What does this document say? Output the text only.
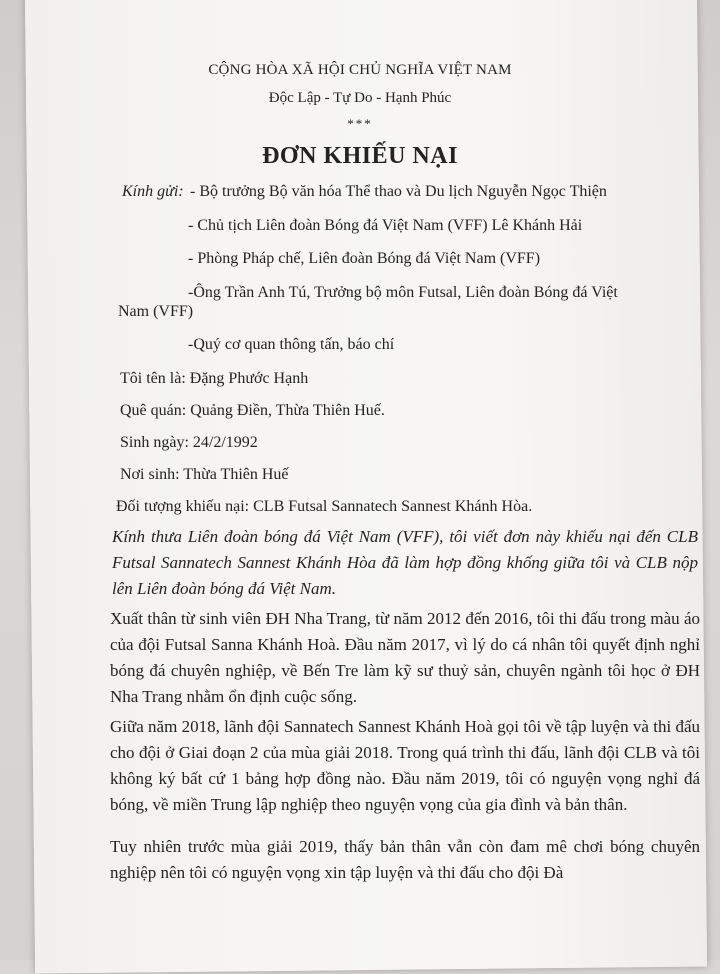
CỘNG HÒA XÃ HỘI CHỦ NGHĨA VIỆT NAM
Độc Lập - Tự Do - Hạnh Phúc
***
ĐƠN KHIẾU NẠI
Kính gửi: - Bộ trưởng Bộ văn hóa Thể thao và Du lịch Nguyễn Ngọc Thiện
- Chủ tịch Liên đoàn Bóng đá Việt Nam (VFF) Lê Khánh Hải
- Phòng Pháp chế, Liên đoàn Bóng đá Việt Nam (VFF)
-Ông Trần Anh Tú, Trưởng bộ môn Futsal, Liên đoàn Bóng đá Việt
Nam (VFF)
-Quý cơ quan thông tấn, báo chí
Tôi tên là: Đặng Phước Hạnh
Quê quán: Quảng Điền, Thừa Thiên Huế.
Sinh ngày: 24/2/1992
Nơi sinh: Thừa Thiên Huế
Đối tượng khiếu nại: CLB Futsal Sannatech Sannest Khánh Hòa.
Kính thưa Liên đoàn bóng đá Việt Nam (VFF), tôi viết đơn này khiếu nại đến CLB Futsal Sannatech Sannest Khánh Hòa đã làm hợp đồng khống giữa tôi và CLB nộp lên Liên đoàn bóng đá Việt Nam.
Xuất thân từ sinh viên ĐH Nha Trang, từ năm 2012 đến 2016, tôi thi đấu trong màu áo của đội Futsal Sanna Khánh Hoà. Đầu năm 2017, vì lý do cá nhân tôi quyết định nghỉ bóng đá chuyên nghiệp, về Bến Tre làm kỹ sư thuỷ sản, chuyên ngành tôi học ở ĐH Nha Trang nhằm ổn định cuộc sống.
Giữa năm 2018, lãnh đội Sannatech Sannest Khánh Hoà gọi tôi về tập luyện và thi đấu cho đội ở Giai đoạn 2 của mùa giải 2018. Trong quá trình thi đấu, lãnh đội CLB và tôi không ký bất cứ 1 bảng hợp đồng nào. Đầu năm 2019, tôi có nguyện vọng nghỉ đá bóng, về miền Trung lập nghiệp theo nguyện vọng của gia đình và bản thân.
Tuy nhiên trước mùa giải 2019, thấy bản thân vẫn còn đam mê chơi bóng chuyên nghiệp nên tôi có nguyện vọng xin tập luyện và thi đấu cho đội Đà
